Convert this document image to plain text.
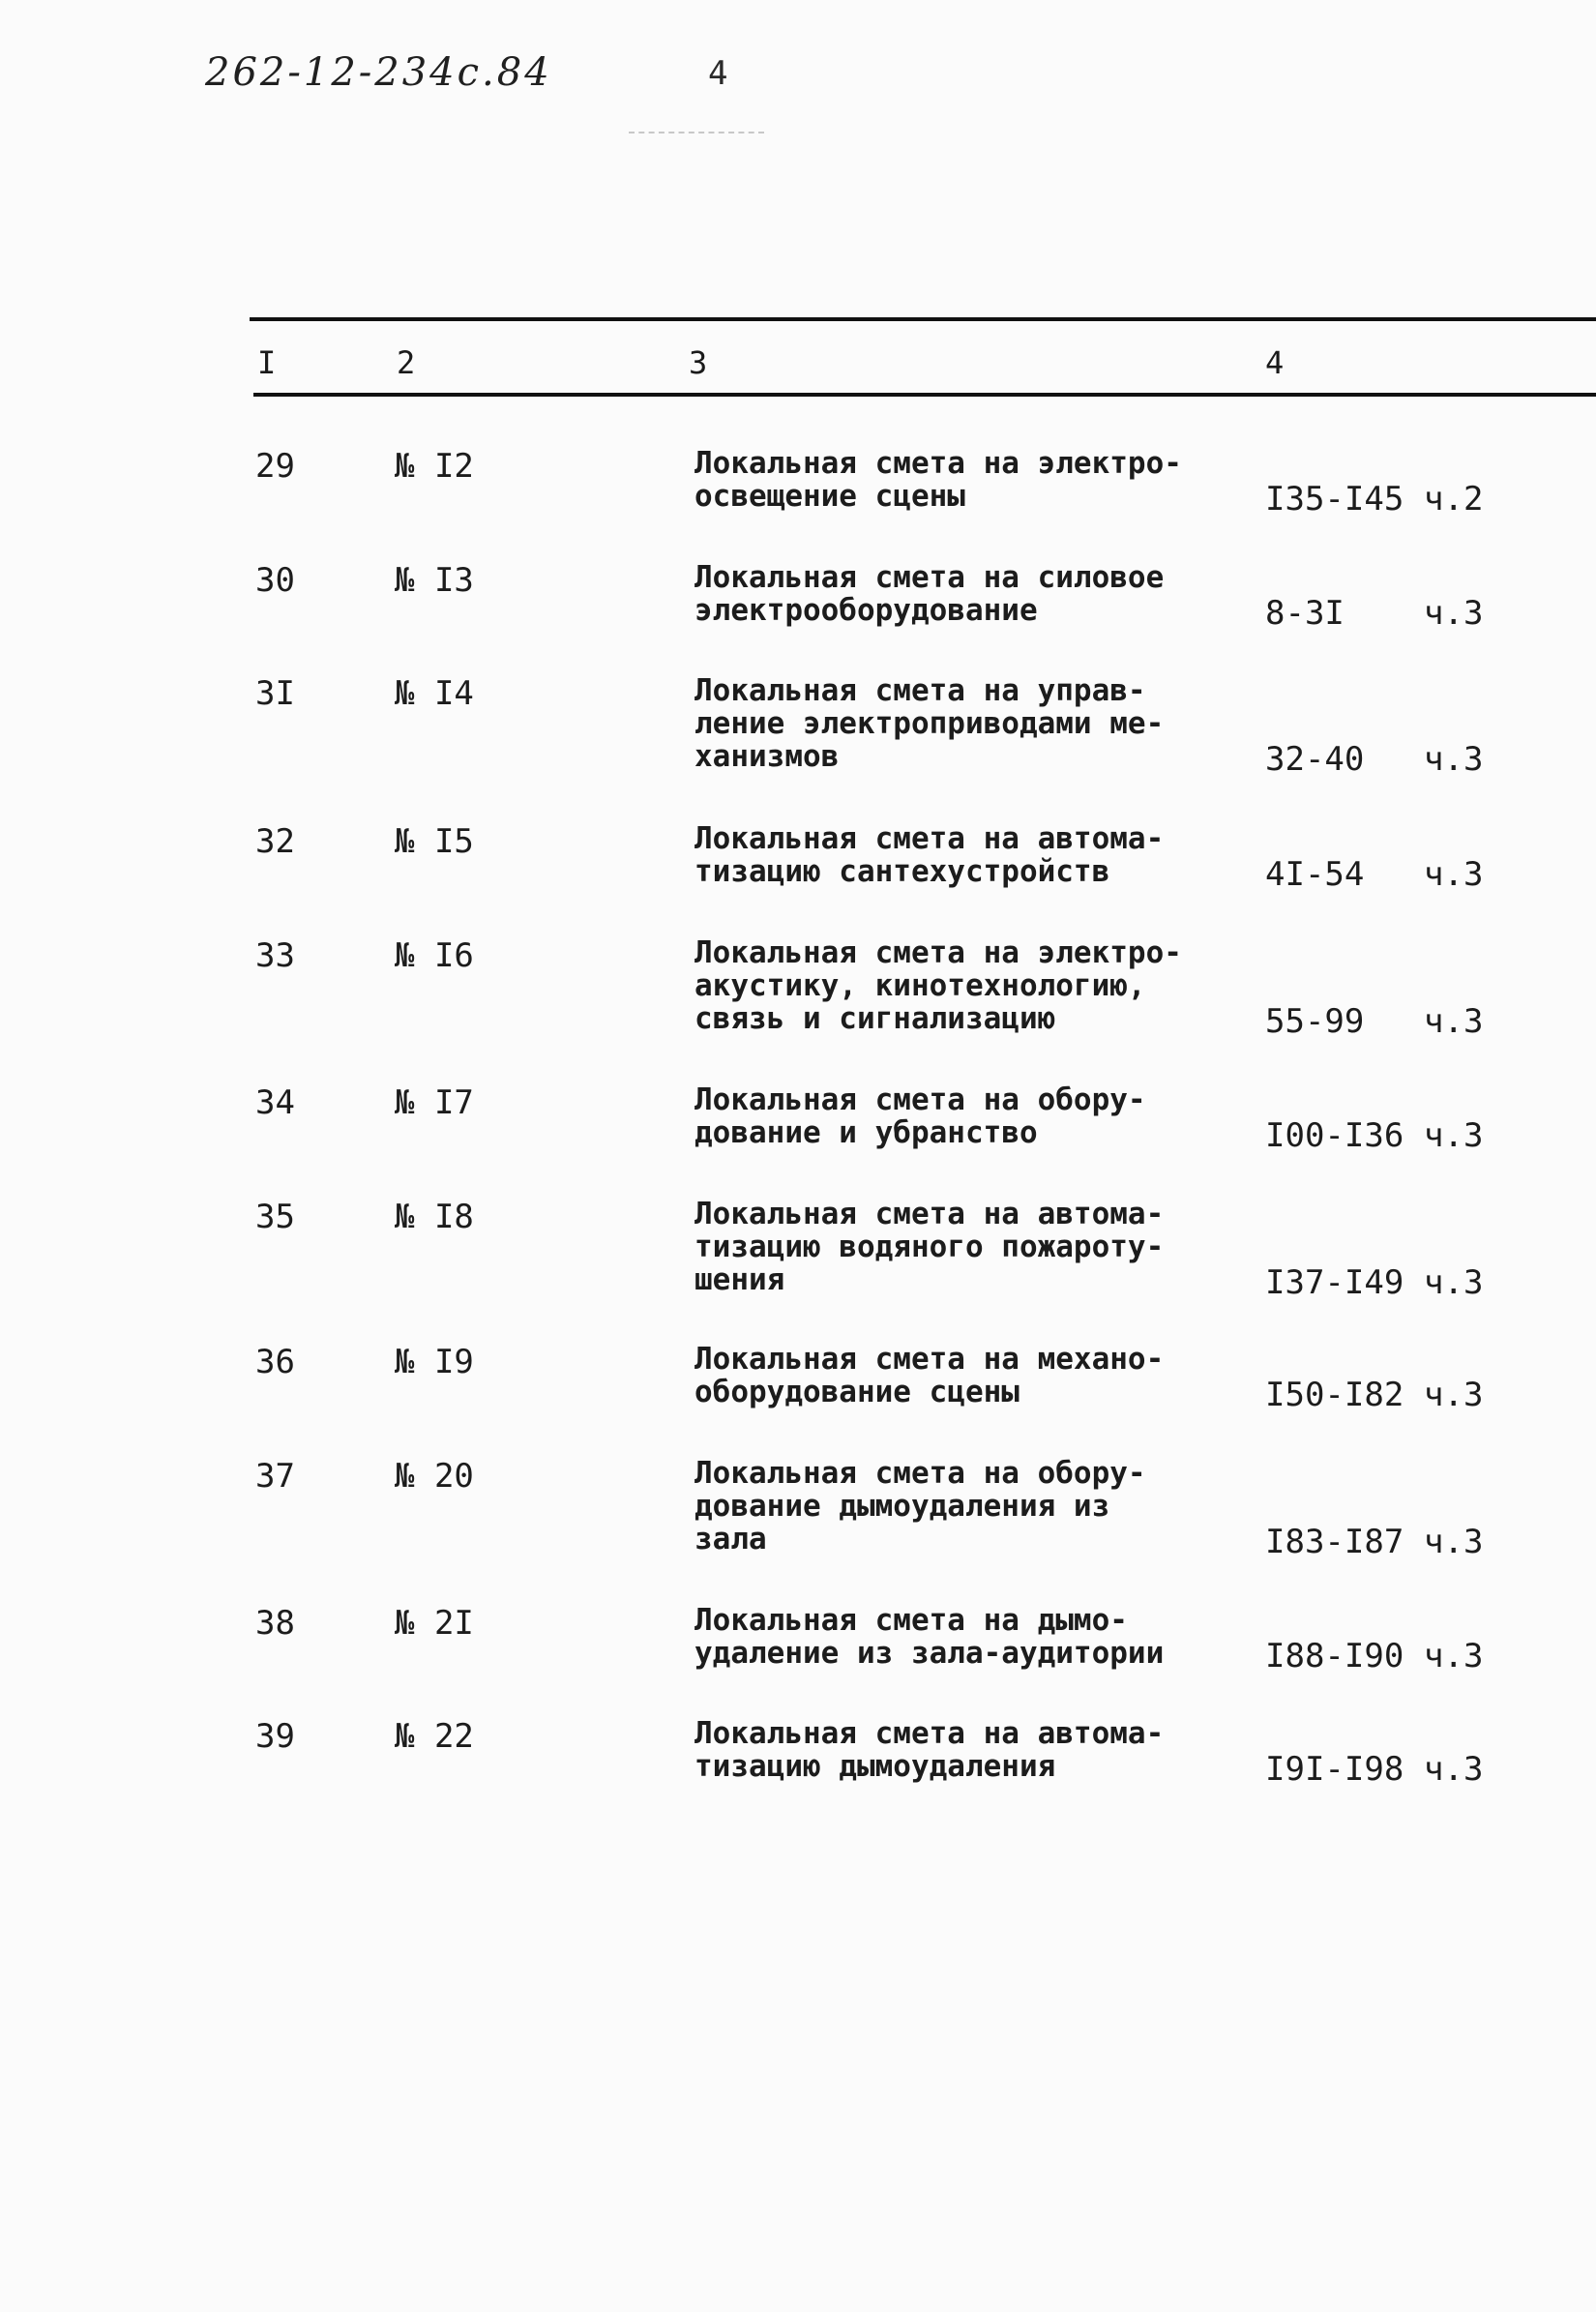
262-12-234с.84	4
I	2	3	4
29	№ I2	Локальная смета на электро-
освещение сцены	I35-I45 ч.2
30	№ I3	Локальная смета на силовое
электрооборудование	8-3I ч.3
3I	№ I4	Локальная смета на управ-
ление электроприводами ме-
ханизмов	32-40 ч.3
32	№ I5	Локальная смета на автома-
тизацию сантехустройств	4I-54 ч.3
33	№ I6	Локальная смета на электро-
акустику, кинотехнологию,
связь и сигнализацию	55-99 ч.3
34	№ I7	Локальная смета на обору-
дование и убранство	I00-I36 ч.3
35	№ I8	Локальная смета на автома-
тизацию водяного пожароту-
шения	I37-I49 ч.3
36	№ I9	Локальная смета на механо-
оборудование сцены	I50-I82 ч.3
37	№ 20	Локальная смета на обору-
дование дымоудаления из
зала	I83-I87 ч.3
38	№ 2I	Локальная смета на дымо-
удаление из зала-аудитории	I88-I90 ч.3
39	№ 22	Локальная смета на автома-
тизацию дымоудаления	I9I-I98 ч.3
